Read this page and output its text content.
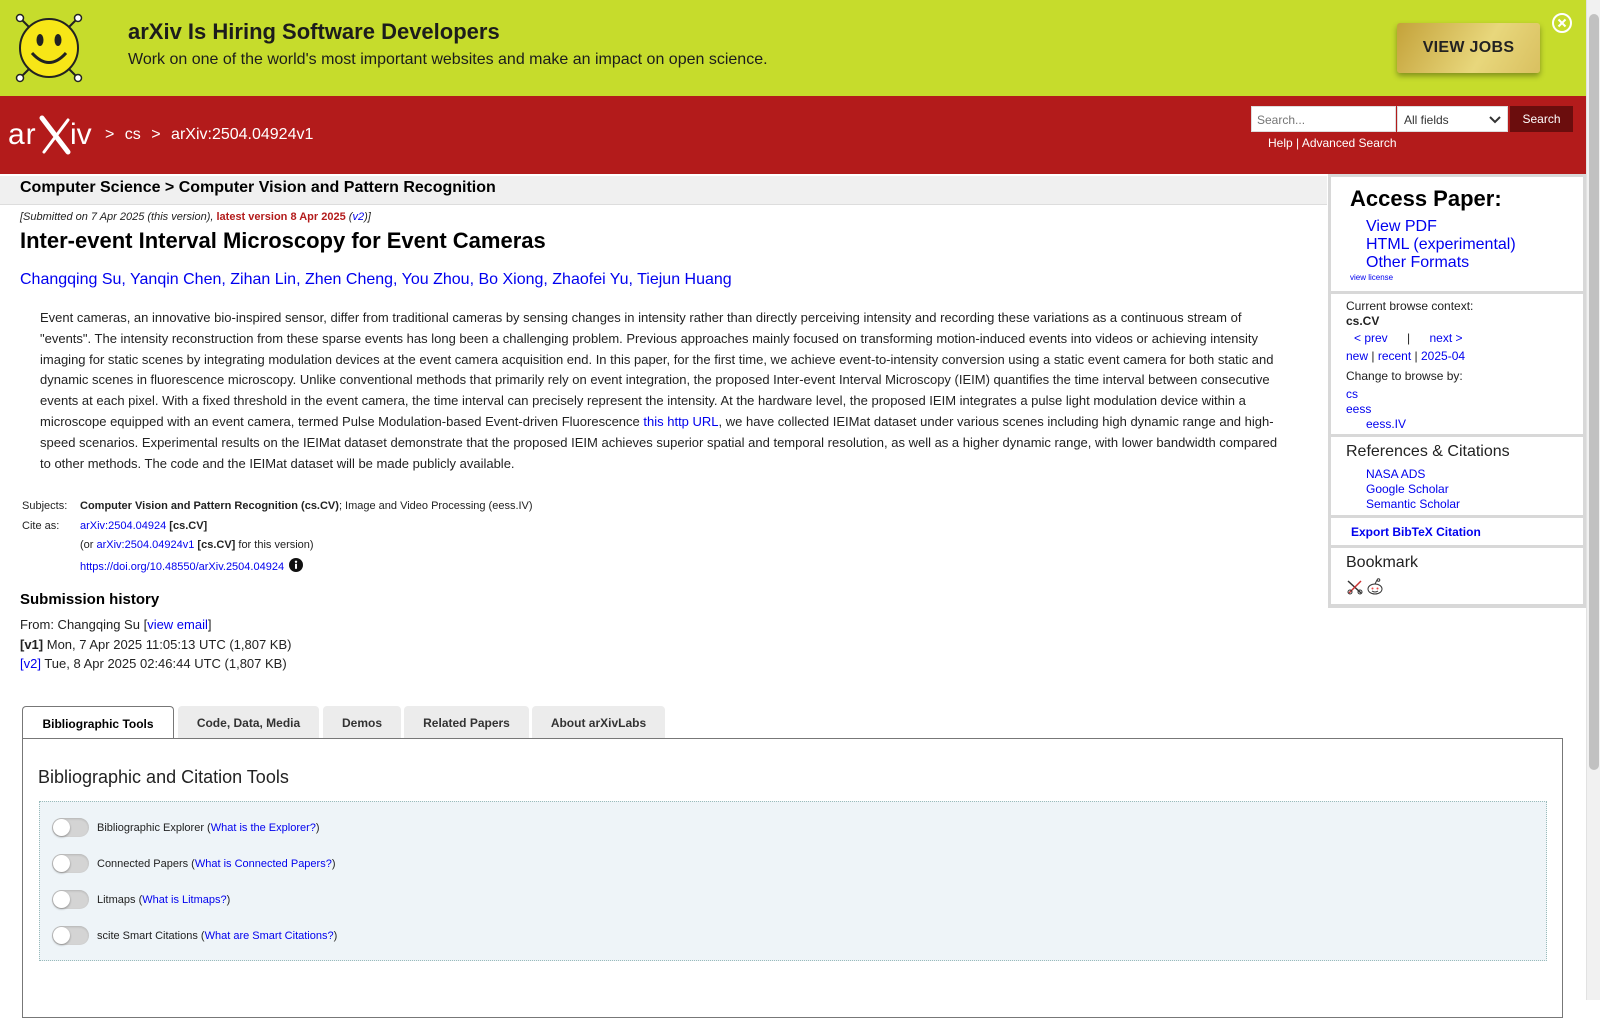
arXiv Is Hiring Software Developers
Work on one of the world's most important websites and make an impact on open science.
VIEW JOBS
ar iv > cs > arXiv:2504.04924v1
Search...	All fields	Search
Help | Advanced Search
Computer Science > Computer Vision and Pattern Recognition
[Submitted on 7 Apr 2025 (this version), latest version 8 Apr 2025 (v2)]
Inter-event Interval Microscopy for Event Cameras
Changqing Su, Yanqin Chen, Zihan Lin, Zhen Cheng, You Zhou, Bo Xiong, Zhaofei Yu, Tiejun Huang

Event cameras, an innovative bio-inspired sensor, differ from traditional cameras by sensing changes in intensity rather than directly perceiving intensity and recording these variations as a continuous stream of "events". The intensity reconstruction from these sparse events has long been a challenging problem. Previous approaches mainly focused on transforming motion-induced events into videos or achieving intensity imaging for static scenes by integrating modulation devices at the event camera acquisition end. In this paper, for the first time, we achieve event-to-intensity conversion using a static event camera for both static and dynamic scenes in fluorescence microscopy. Unlike conventional methods that primarily rely on event integration, the proposed Inter-event Interval Microscopy (IEIM) quantifies the time interval between consecutive events at each pixel. With a fixed threshold in the event camera, the time interval can precisely represent the intensity. At the hardware level, the proposed IEIM integrates a pulse light modulation device within a microscope equipped with an event camera, termed Pulse Modulation-based Event-driven Fluorescence this http URL, we have collected IEIMat dataset under various scenes including high dynamic range and high-speed scenarios. Experimental results on the IEIMat dataset demonstrate that the proposed IEIM achieves superior spatial and temporal resolution, as well as a higher dynamic range, with lower bandwidth compared to other methods. The code and the IEIMat dataset will be made publicly available.

Subjects:	Computer Vision and Pattern Recognition (cs.CV); Image and Video Processing (eess.IV)
Cite as:	arXiv:2504.04924 [cs.CV]
	(or arXiv:2504.04924v1 [cs.CV] for this version)
	https://doi.org/10.48550/arXiv.2504.04924
Submission history
From: Changqing Su [view email]
[v1] Mon, 7 Apr 2025 11:05:13 UTC (1,807 KB)
[v2] Tue, 8 Apr 2025 02:46:44 UTC (1,807 KB)
Bibliographic Tools	Code, Data, Media	Demos	Related Papers	About arXivLabs
Bibliographic and Citation Tools
Bibliographic Explorer ( What is the Explorer? )
Connected Papers ( What is Connected Papers? )
Litmaps ( What is Litmaps? )
scite Smart Citations ( What are Smart Citations? )
Access Paper:
View PDF
HTML (experimental)
Other Formats
view license
Current browse context:
cs.CV
< prev | next >
new | recent | 2025-04
Change to browse by:
cs
eess
eess.IV
References & Citations
NASA ADS
Google Scholar
Semantic Scholar
Export BibTeX Citation
Bookmark
